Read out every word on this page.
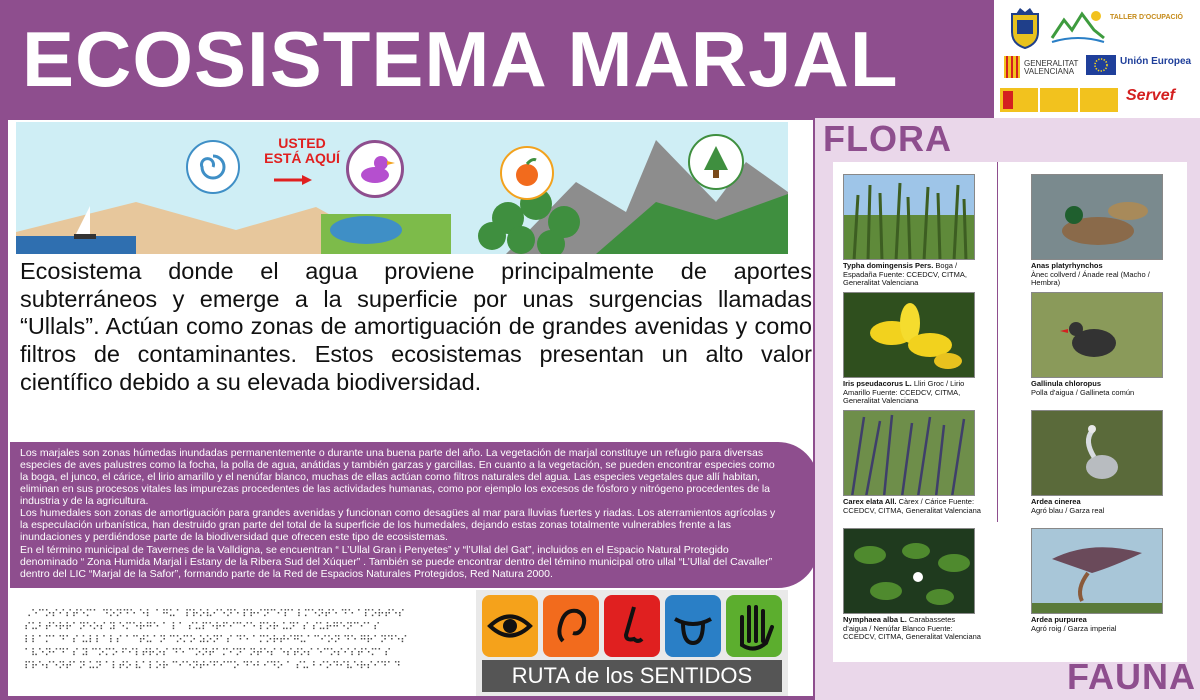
ECOSISTEMA MARJAL	TALLER D'OCUPACIÓ

GENERALITAT VALENCIANA
Unión Europea
Servef
USTED
ESTÁ AQUÍ
Ecosistema donde el agua proviene principalmente de aportes subterráneos y emerge a la superficie por unas surgencias llamadas “Ullals”. Actúan como zonas de amortiguación de grandes avenidas y como filtros de contaminantes. Estos ecosistemas presentan un alto valor científico debido a su elevada biodiversidad.

Los marjales son zonas húmedas inundadas permanentemente o durante una buena parte del año. La vegetación de marjal constituye un refugio para diversas especies de aves palustres como la focha, la polla de agua, anátidas y también garzas y garcillas. En cuanto a la vegetación, se pueden encontrar especies como la boga, el junco, el cárice, el lirio amarillo y el nenúfar blanco, muchas de ellas actúan como filtros naturales del agua. Las especies vegetales que allí habitan, eliminan en sus procesos vitales las impurezas procedentes de las actividades humanas, como por ejemplo los excesos de fósforo y nitrógeno procedentes de la industria y de la agricultura.

Los humedales son zonas de amortiguación para grandes avenidas y funcionan como desagües al mar para lluvias fuertes y riadas. Los aterramientos agrícolas y la especulación urbanística, han destruido gran parte del total de la superficie de los humedales, dejando estas zonas totalmente vulnerables frente a las inundaciones y perdiéndose parte de la biodiversidad que ofrecen este tipo de ecosistemas.

En el término municipal de Tavernes de la Valldigna, se encuentran “ L’Ullal Gran i Penyetes” y “l’Ullal del Gat”, incluidos en el Espacio Natural Protegido denominado “ Zona Humida Marjal i Estany de la Ribera Sud del Xúquer” . También se puede encontrar dentro del témino municipal otro ullal “L’Ullal del Cavaller” dentro del LIC “Marjal de la Safor”, formando parte de la Red de Espacios Naturales Protegidos, Red Natura 2000.

⠠⠑⠉⠕⠎⠊⠎⠞⠑⠍⠁ ⠙⠕⠝⠙⠑ ⠑⠇ ⠁⠛⠥⠁ ⠏⠗⠕⠧⠊⠑⠝⠑ ⠏⠗⠊⠝⠉⠊⠏⠁⠇⠍⠑⠝⠞⠑ ⠙⠑ ⠁⠏⠕⠗⠞⠑⠎
⠎⠥⠃⠞⠑⠗⠗⠁⠝⠑⠕⠎ ⠽ ⠑⠍⠑⠗⠛⠑ ⠁ ⠇⠁ ⠎⠥⠏⠑⠗⠋⠊⠉⠊⠑ ⠏⠕⠗ ⠥⠝⠁⠎ ⠎⠥⠗⠛⠑⠝⠉⠊⠁⠎
⠇⠇⠁⠍⠁⠙⠁⠎ ⠥⠇⠇⠁⠇⠎ ⠁⠉⠞⠥⠁⠝ ⠉⠕⠍⠕ ⠵⠕⠝⠁⠎ ⠙⠑ ⠁⠍⠕⠗⠞⠊⠛⠥⠁⠉⠊⠕⠝ ⠙⠑ ⠛⠗⠁⠝⠙⠑⠎
⠁⠧⠑⠝⠊⠙⠁⠎ ⠽ ⠉⠕⠍⠕ ⠋⠊⠇⠞⠗⠕⠎ ⠙⠑ ⠉⠕⠝⠞⠁⠍⠊⠝⠁⠝⠞⠑⠎ ⠑⠎⠞⠕⠎ ⠑⠉⠕⠎⠊⠎⠞⠑⠍⠁⠎
⠏⠗⠑⠎⠑⠝⠞⠁⠝ ⠥⠝ ⠁⠇⠞⠕ ⠧⠁⠇⠕⠗ ⠉⠊⠑⠝⠞⠊⠋⠊⠉⠕ ⠙⠑⠃⠊⠙⠕ ⠁ ⠎⠥ ⠃⠊⠕⠙⠊⠧⠑⠗⠎⠊⠙⠁⠙	RUTA de los SENTIDOS
FLORA
Typha domingensis Pers. Boga / Espadaña Fuente: CCEDCV, CITMA, Generalitat Valenciana
Iris pseudacorus L. Lliri Groc / Lirio Amarillo Fuente: CCEDCV, CITMA, Generalitat Valenciana
Carex elata All. Càrex / Cárice Fuente: CCEDCV, CITMA, Generalitat Valenciana
Nymphaea alba L. Carabassetes d’aigua / Nenúfar Blanco Fuente: CCEDCV, CITMA, Generalitat Valenciana
Anas platyrhynchos
Ànec collverd / Ánade real (Macho / Hembra)
Gallinula chloropus
Polla d'aigua / Gallineta común
Ardea cinerea
Agró blau / Garza real
Ardea purpurea
Agró roig / Garza imperial
FAUNA
